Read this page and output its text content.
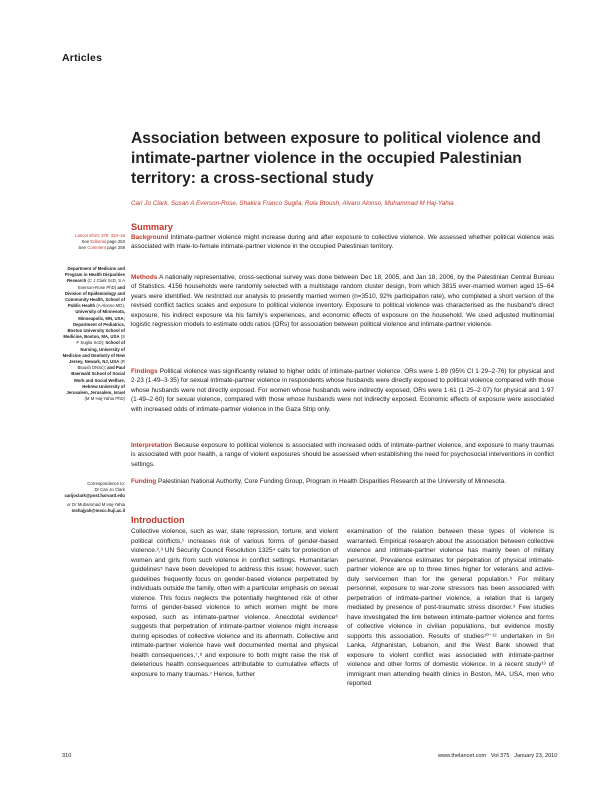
Articles
Association between exposure to political violence and intimate-partner violence in the occupied Palestinian territory: a cross-sectional study
Cari Jo Clark, Susan A Everson-Rose, Shakira Franco Suglia, Rula Btoush, Alvaro Alonso, Muhammad M Haj-Yahia
Summary
Lancet 2010; 375: 310–16
See Editorial page 253
See Comment page 259
Department of Medicine and Program in Health Disparities Research (C J Clark ScD, S A Everson-Rose PhD) and Division of Epidemiology and Community Health, School of Public Health (A Alonso MD), University of Minnesota, Minneapolis, MN, USA;
Department of Pediatrics, Boston University School of Medicine, Boston, MA, USA (S F Suglia ScD); School of Nursing, University of Medicine and Dentistry of New Jersey, Newark, NJ, USA (R Btoush DNSc); and Paul Baerwald School of Social Work and Social Welfare, Hebrew University of Jerusalem, Jerusalem, Israel (M M Haj-Yahia PhD)
Correspondence to:
Dr Cari Jo Clark
carijoclark@post.harvard.edu
or Dr Muhammad M Haj-Yahia
mshajyah@mscc.huji.ac.il

Background Intimate-partner violence might increase during and after exposure to collective violence. We assessed whether political violence was associated with male-to-female intimate-partner violence in the occupied Palestinian territory.

Methods A nationally representative, cross-sectional survey was done between Dec 18, 2005, and Jan 18, 2006, by the Palestinian Central Bureau of Statistics. 4156 households were randomly selected with a multistage random cluster design, from which 3815 ever-married women aged 15–64 years were identified. We restricted our analysis to presently married women (n=3510, 92% participation rate), who completed a short version of the revised conflict tactics scales and exposure to political violence inventory. Exposure to political violence was characterised as the husband's direct exposure, his indirect exposure via his family's experiences, and economic effects of exposure on the household. We used adjusted multinomial logistic regression models to estimate odds ratios (ORs) for association between political violence and intimate-partner violence.

Findings Political violence was significantly related to higher odds of intimate-partner violence. ORs were 1·89 (95% CI 1·29–2·76) for physical and 2·23 (1·49–3·35) for sexual intimate-partner violence in respondents whose husbands were directly exposed to political violence compared with those whose husbands were not directly exposed. For women whose husbands were indirectly exposed, ORs were 1·61 (1·25–2·07) for physical and 1·97 (1·49–2·60) for sexual violence, compared with those whose husbands were not indirectly exposed. Economic effects of exposure were associated with increased odds of intimate-partner violence in the Gaza Strip only.

Interpretation Because exposure to political violence is associated with increased odds of intimate-partner violence, and exposure to many traumas is associated with poor health, a range of violent exposures should be assessed when establishing the need for psychosocial interventions in conflict settings.

Funding Palestinian National Authority, Core Funding Group, Program in Health Disparities Research at the University of Minnesota.

Introduction

Collective violence, such as war, state repression, torture, and violent political conflicts,¹ increases risk of various forms of gender-based violence.²,³ UN Security Council Resolution 1325⁴ calls for protection of women and girls from such violence in conflict settings. Humanitarian guidelines⁵ have been developed to address this issue; however, such guidelines frequently focus on gender-based violence perpetrated by individuals outside the family, often with a particular emphasis on sexual violence. This focus neglects the potentially heightened risk of other forms of gender-based violence to which women might be more exposed, such as intimate-partner violence. Anecdotal evidence⁶ suggests that perpetration of intimate-partner violence might increase during episodes of collective violence and its aftermath. Collective and intimate-partner violence have well documented mental and physical health consequences,⁷,⁸ and exposure to both might raise the risk of deleterious health consequences attributable to cumulative effects of exposure to many traumas.⁷ Hence, further

examination of the relation between these types of violence is warranted. Empirical research about the association between collective violence and intimate-partner violence has mainly been of military personnel. Prevalence estimates for perpetration of physical intimate-partner violence are up to three times higher for veterans and active-duty servicemen than for the general population.⁹ For military personnel, exposure to war-zone stressors has been associated with perpetration of intimate-partner violence, a relation that is largely mediated by presence of post-traumatic stress disorder.⁹ Few studies have investigated the link between intimate-partner violence and forms of collective violence in civilian populations, but evidence mostly supports this association. Results of studies¹⁰⁻¹² undertaken in Sri Lanka, Afghanistan, Lebanon, and the West Bank showed that exposure to violent conflict was associated with intimate-partner violence and other forms of domestic violence. In a recent study¹³ of immigrant men attending health clinics in Boston, MA, USA, men who reported

310	www.thelancet.com   Vol 375   January 23, 2010
